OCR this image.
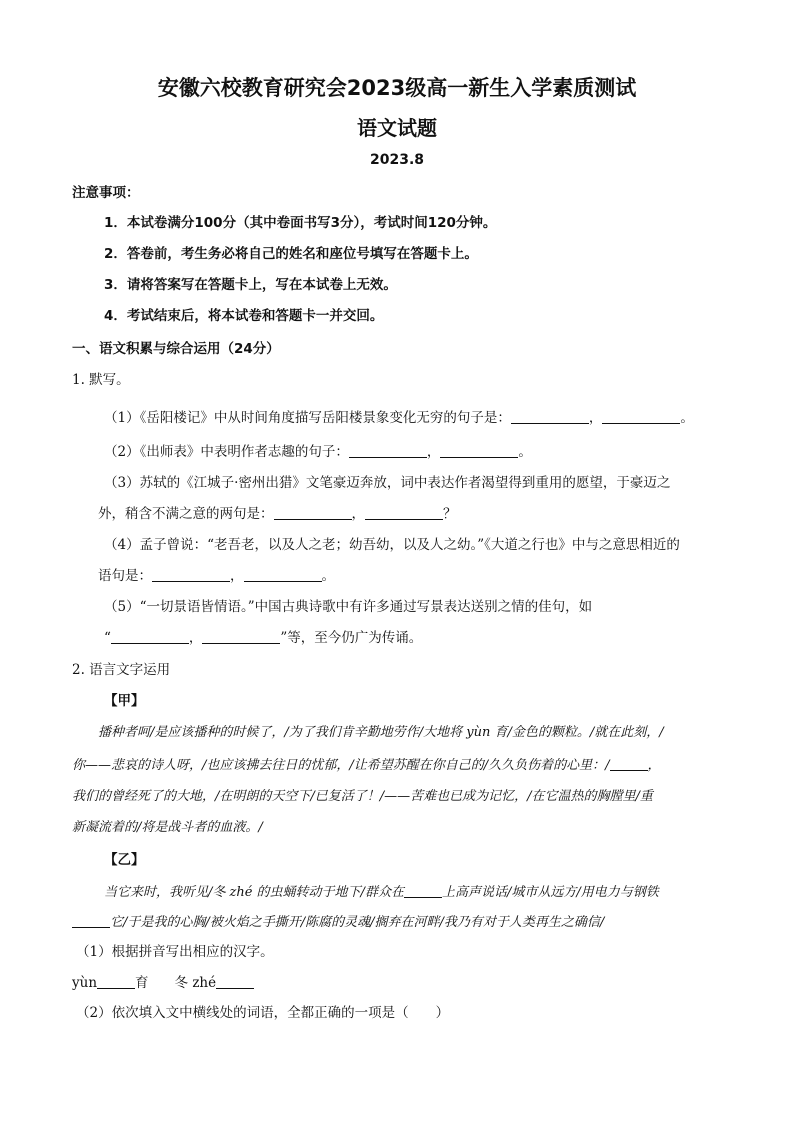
安徽六校教育研究会2023级高一新生入学素质测试
语文试题
2023.8
注意事项：
1．本试卷满分100分（其中卷面书写3分），考试时间120分钟。
2．答卷前，考生务必将自己的姓名和座位号填写在答题卡上。
3．请将答案写在答题卡上，写在本试卷上无效。
4．考试结束后，将本试卷和答题卡一并交回。
一、语文积累与综合运用（24分）
1. 默写。
（1）《岳阳楼记》中从时间角度描写岳阳楼景象变化无穷的句子是：	，	。
（2）《出师表》中表明作者志趣的句子：	，	。
（3）苏轼的《江城子·密州出猎》文笔豪迈奔放，词中表达作者渴望得到重用的愿望，于豪迈之
外，稍含不满之意的两句是：	，	？
（4）孟子曾说：“老吾老，以及人之老；幼吾幼，以及人之幼。”《大道之行也》中与之意思相近的
语句是：	，	。
（5）“一切景语皆情语。”中国古典诗歌中有许多通过写景表达送别之情的佳句，如
“	，	”等，至今仍广为传诵。
2. 语言文字运用
【甲】
播种者呵/是应该播种的时候了，/为了我们肯辛勤地劳作/大地将 yùn 育/金色的颗粒。/就在此刻，/
你——悲哀的诗人呀，/也应该拂去往日的忧郁，/让希望苏醒在你自己的/久久负伤着的心里：/	，
我们的曾经死了的大地，/在明朗的天空下/已复活了！/——苦难也已成为记忆，/在它温热的胸膛里/重
新凝流着的/将是战斗者的血液。/
【乙】
当它来时，我听见/冬 zhé 的虫蛹转动于地下/群众在	上高声说话/城市从远方/用电力与钢铁
它/于是我的心胸/被火焰之手撕开/陈腐的灵魂/搁弃在河畔/我乃有对于人类再生之确信/
（1）根据拼音写出相应的汉字。
yùn	育 冬 zhé
（2）依次填入文中横线处的词语，全都正确的一项是（　　）
